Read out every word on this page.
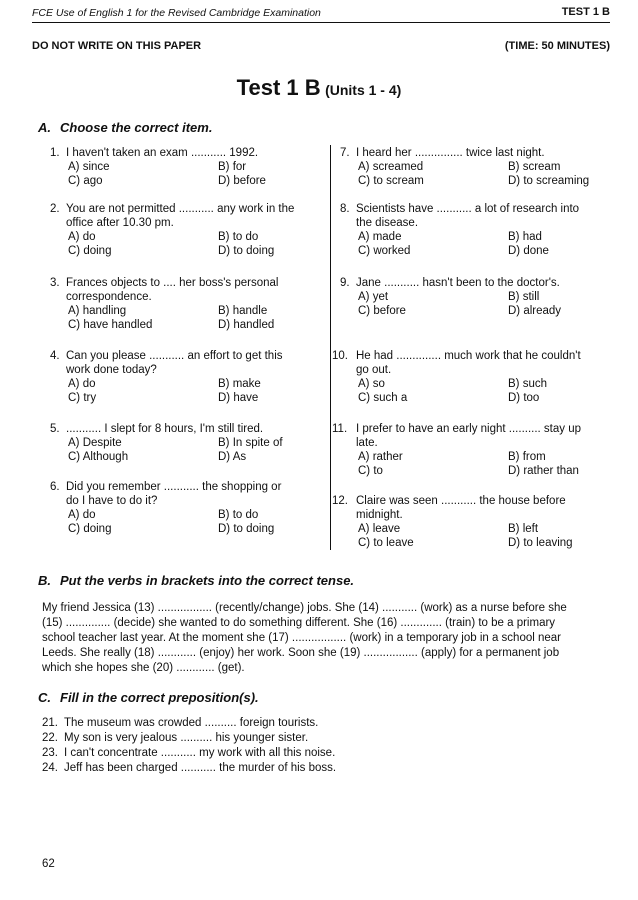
FCE Use of English 1 for the Revised Cambridge Examination	TEST 1 B
DO NOT WRITE ON THIS PAPER	(TIME: 50 MINUTES)
Test 1 B (Units 1 - 4)
A. Choose the correct item.
1. I haven't taken an exam ........... 1992.
A) since	B) for
C) ago	D) before
2. You are not permitted ........... any work in the
office after 10.30 pm.
A) do	B) to do
C) doing	D) to doing
3. Frances objects to .... her boss's personal
correspondence.
A) handling	B) handle
C) have handled	D) handled
4. Can you please ........... an effort to get this
work done today?
A) do	B) make
C) try	D) have
5. ........... I slept for 8 hours, I'm still tired.
A) Despite	B) In spite of
C) Although	D) As
6. Did you remember ........... the shopping or
do I have to do it?
A) do	B) to do
C) doing	D) to doing
7. I heard her ............... twice last night.
A) screamed	B) scream
C) to scream	D) to screaming
8. Scientists have ........... a lot of research into
the disease.
A) made	B) had
C) worked	D) done
9. Jane ........... hasn't been to the doctor's.
A) yet	B) still
C) before	D) already
10. He had .............. much work that he couldn't
go out.
A) so	B) such
C) such a	D) too
11. I prefer to have an early night .......... stay up
late.
A) rather	B) from
C) to	D) rather than
12. Claire was seen ........... the house before
midnight.
A) leave	B) left
C) to leave	D) to leaving
B. Put the verbs in brackets into the correct tense.
My friend Jessica (13) ................. (recently/change) jobs. She (14) ........... (work) as a nurse before she
(15) .............. (decide) she wanted to do something different. She (16) ............. (train) to be a primary
school teacher last year. At the moment she (17) ................. (work) in a temporary job in a school near
Leeds. She really (18) ............ (enjoy) her work. Soon she (19) ................. (apply) for a permanent job
which she hopes she (20) ............ (get).
C. Fill in the correct preposition(s).
21. The museum was crowded .......... foreign tourists.
22. My son is very jealous .......... his younger sister.
23. I can't concentrate ........... my work with all this noise.
24. Jeff has been charged ........... the murder of his boss.
62
